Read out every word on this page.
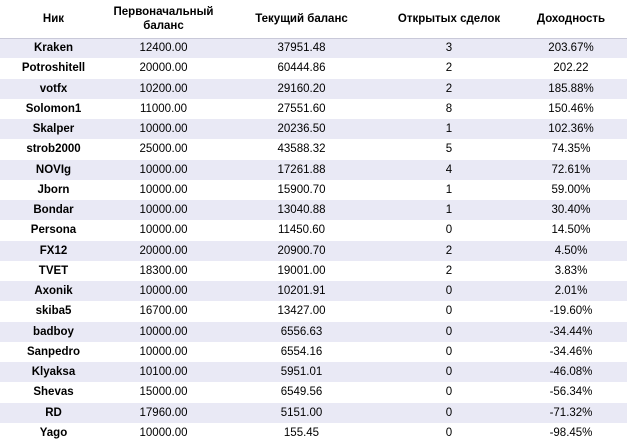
Ник	Первоначальный баланс	Текущий баланс	Открытых сделок	Доходность
Kraken	12400.00	37951.48	3	203.67%
Potroshitell	20000.00	60444.86	2	202.22
votfx	10200.00	29160.20	2	185.88%
Solomon1	11000.00	27551.60	8	150.46%
Skalper	10000.00	20236.50	1	102.36%
strob2000	25000.00	43588.32	5	74.35%
NOVIg	10000.00	17261.88	4	72.61%
Jborn	10000.00	15900.70	1	59.00%
Bondar	10000.00	13040.88	1	30.40%
Persona	10000.00	11450.60	0	14.50%
FX12	20000.00	20900.70	2	4.50%
TVET	18300.00	19001.00	2	3.83%
Axonik	10000.00	10201.91	0	2.01%
skiba5	16700.00	13427.00	0	-19.60%
badboy	10000.00	6556.63	0	-34.44%
Sanpedro	10000.00	6554.16	0	-34.46%
Klyaksa	10100.00	5951.01	0	-46.08%
Shevas	15000.00	6549.56	0	-56.34%
RD	17960.00	5151.00	0	-71.32%
Yago	10000.00	155.45	0	-98.45%
